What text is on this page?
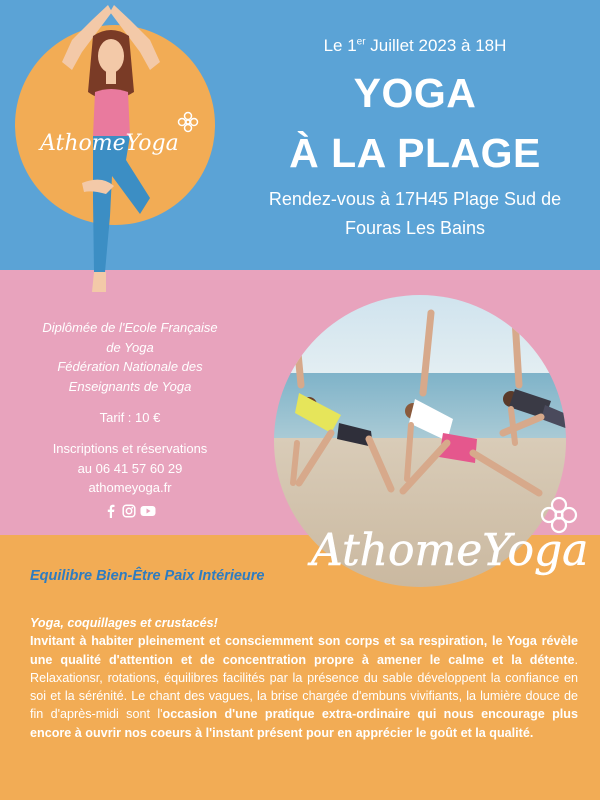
AthomeYoga
Le 1er Juillet 2023 à 18H
YOGA
À LA PLAGE
Rendez-vous à 17H45 Plage Sud de
Fouras Les Bains
AthomeYoga
Diplômée de l'Ecole Française
de Yoga
Fédération Nationale des
Enseignants de Yoga
Tarif : 10 €
Inscriptions et réservations
au 06 41 57 60 29
athomeyoga.fr
Equilibre Bien-Être Paix Intérieure
Yoga, coquillages et crustacés!
Invitant à habiter pleinement et consciemment son corps et sa respiration, le Yoga révèle une qualité d'attention et de concentration propre à amener le calme et la détente. Relaxationsr, rotations, équilibres facilités par la présence du sable développent la confiance en soi et la sérénité. Le chant des vagues, la brise chargée d'embuns vivifiants, la lumière douce de fin d'après-midi sont l'occasion d'une pratique extra-ordinaire qui nous encourage plus encore à ouvrir nos coeurs à l'instant présent pour en apprécier le goût et la qualité.
